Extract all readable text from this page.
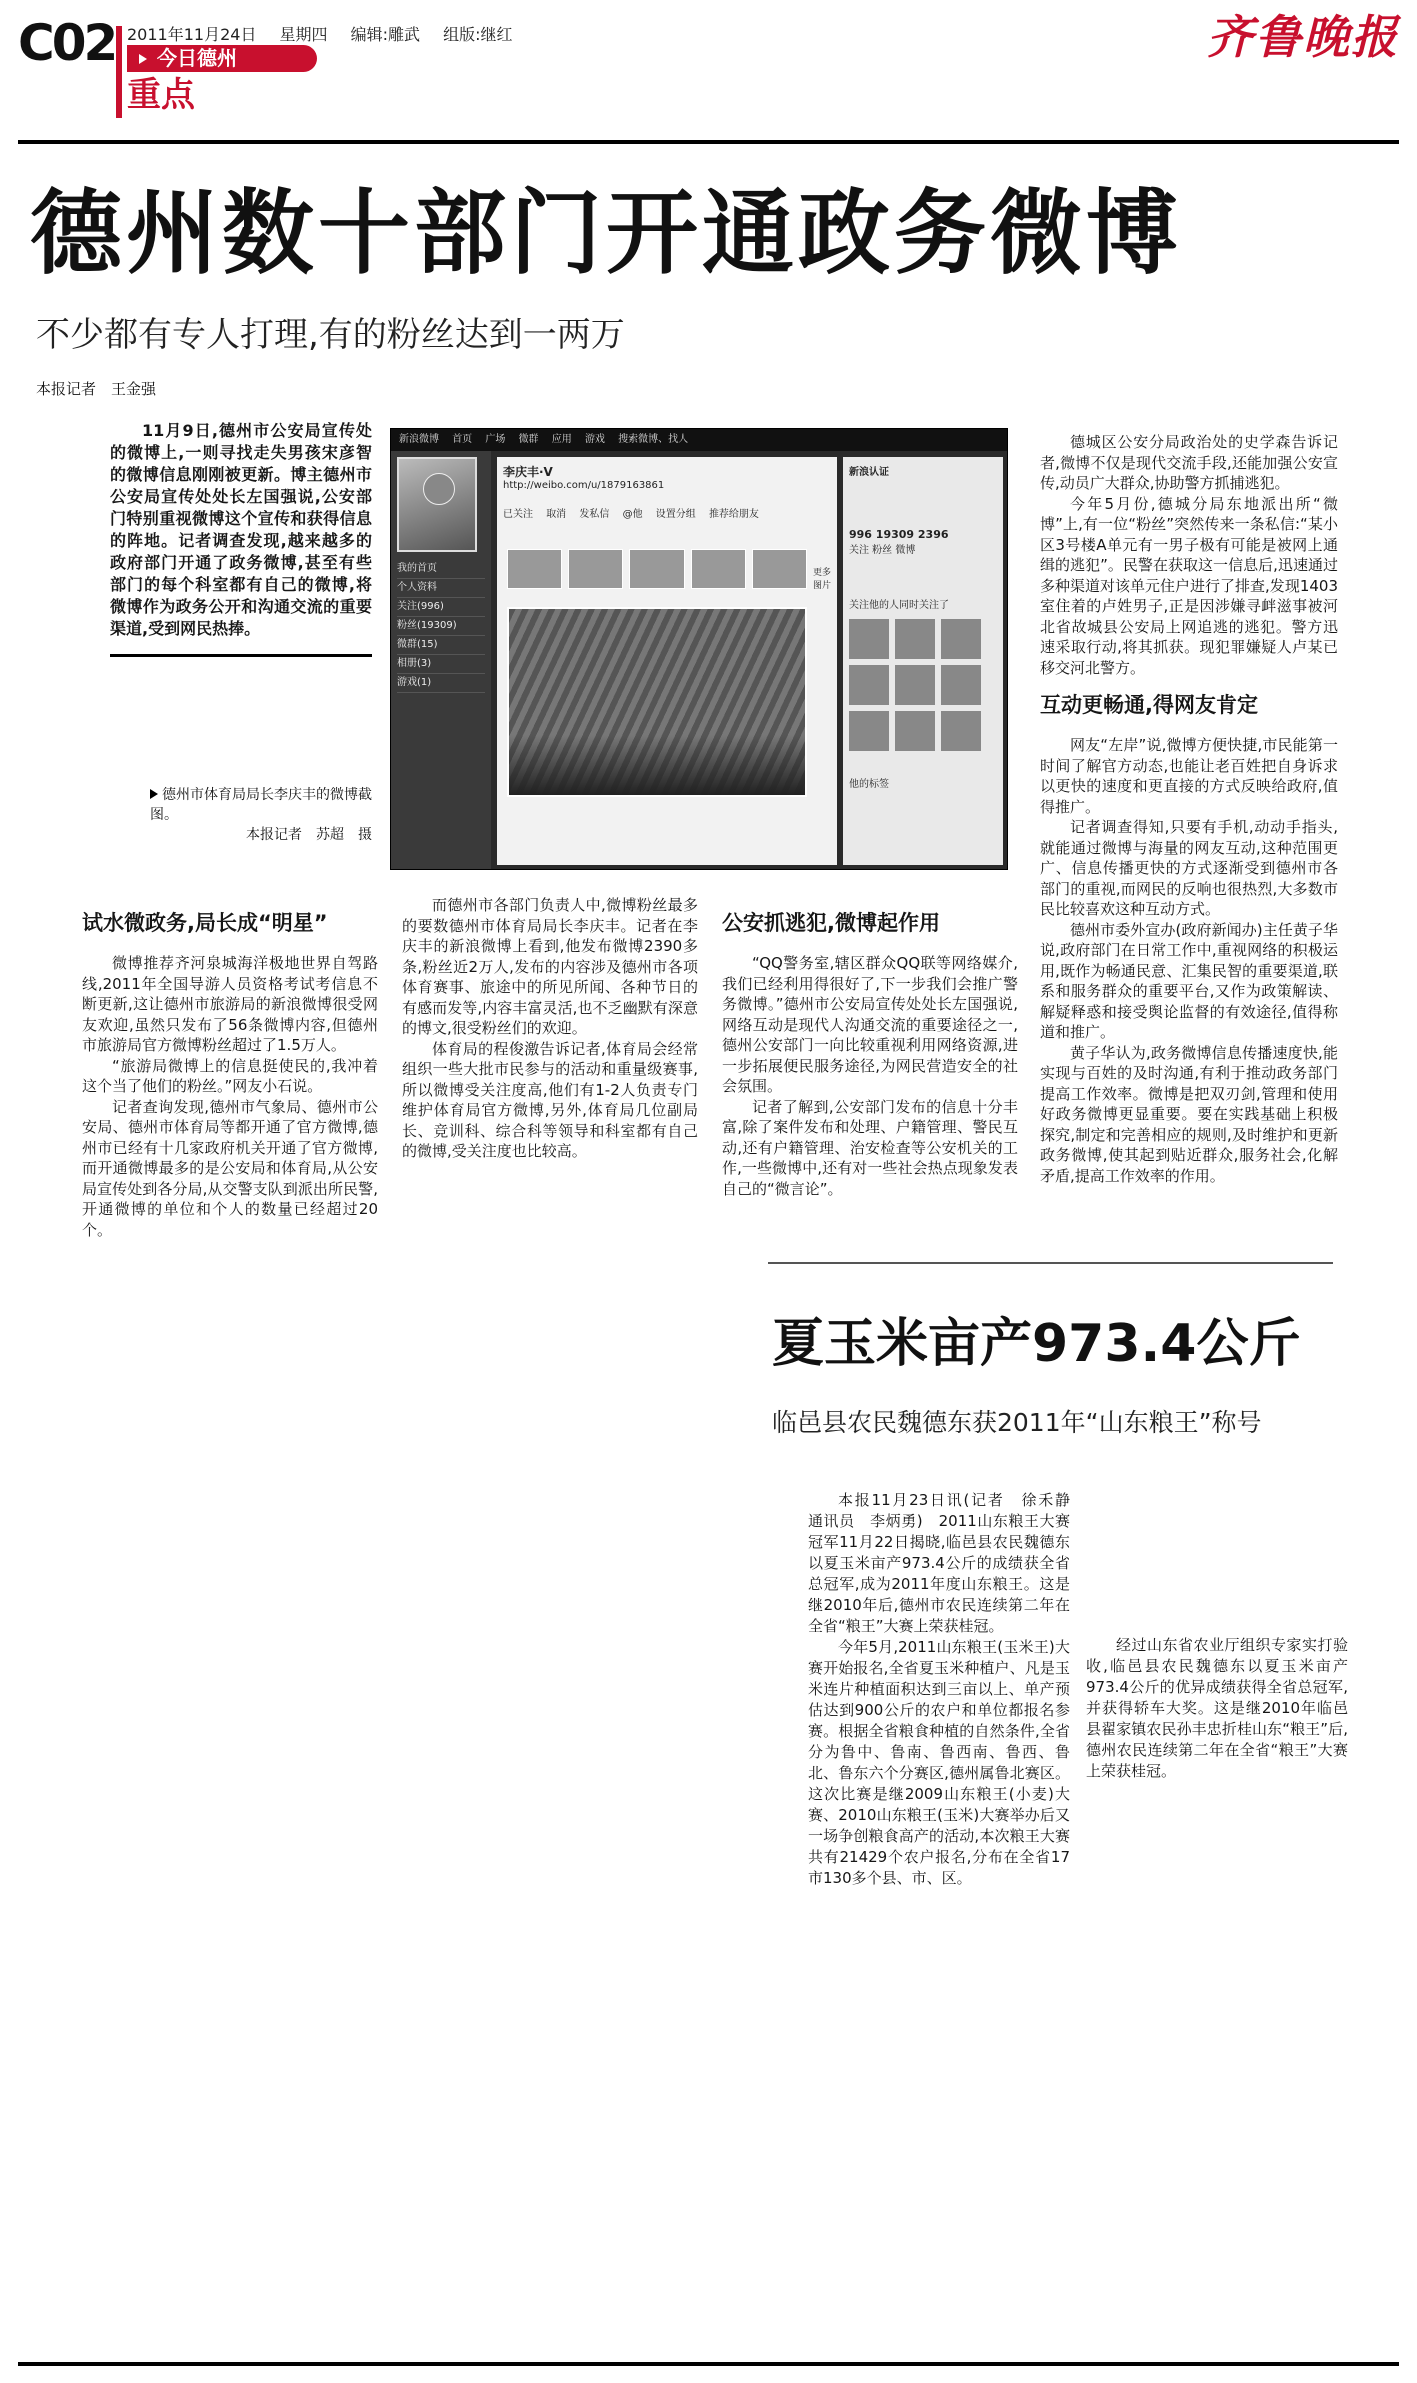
C02 2011年11月24日 星期四 编辑:雕武 组版:继红
今日德州
重点
齐鲁晚报
德州数十部门开通政务微博
不少都有专人打理,有的粉丝达到一两万
本报记者　王金强

11月9日,德州市公安局宣传处的微博上,一则寻找走失男孩宋彦智的微博信息刚刚被更新。博主德州市公安局宣传处处长左国强说,公安部门特别重视微博这个宣传和获得信息的阵地。记者调查发现,越来越多的政府部门开通了政务微博,甚至有些部门的每个科室都有自己的微博,将微博作为政务公开和沟通交流的重要渠道,受到网民热捧。

德州市体育局局长李庆丰的微博截图。
本报记者　苏超　摄
新浪微博 首页 广场 微群 应用 游戏 搜索微博、找人
我的首页
个人资料
关注(996)
粉丝(19309)
微群(15)
相册(3)
游戏(1)
李庆丰·V
http://weibo.com/u/1879163861
已关注　 取消　 发私信　 @他　 设置分组　 推荐给朋友
更多图片
新浪认证
996 19309 2396
关注 粉丝 微博
关注他的人同时关注了
他的标签
试水微政务,局长成“明星”

微博推荐齐河泉城海洋极地世界自驾路线,2011年全国导游人员资格考试考信息不断更新,这让德州市旅游局的新浪微博很受网友欢迎,虽然只发布了56条微博内容,但德州市旅游局官方微博粉丝超过了1.5万人。

“旅游局微博上的信息挺使民的,我冲着这个当了他们的粉丝。”网友小石说。

记者查询发现,德州市气象局、德州市公安局、德州市体育局等都开通了官方微博,德州市已经有十几家政府机关开通了官方微博,而开通微博最多的是公安局和体育局,从公安局宣传处到各分局,从交警支队到派出所民警,开通微博的单位和个人的数量已经超过20个。

而德州市各部门负责人中,微博粉丝最多的要数德州市体育局局长李庆丰。记者在李庆丰的新浪微博上看到,他发布微博2390多条,粉丝近2万人,发布的内容涉及德州市各项体育赛事、旅途中的所见所闻、各种节日的有感而发等,内容丰富灵活,也不乏幽默有深意的博文,很受粉丝们的欢迎。

体育局的程俊激告诉记者,体育局会经常组织一些大批市民参与的活动和重量级赛事,所以微博受关注度高,他们有1-2人负责专门维护体育局官方微博,另外,体育局几位副局长、竞训科、综合科等领导和科室都有自己的微博,受关注度也比较高。

公安抓逃犯,微博起作用

“QQ警务室,辖区群众QQ联等网络媒介,我们已经利用得很好了,下一步我们会推广警务微博。”德州市公安局宣传处处长左国强说,网络互动是现代人沟通交流的重要途径之一,德州公安部门一向比较重视利用网络资源,进一步拓展便民服务途径,为网民营造安全的社会氛围。

记者了解到,公安部门发布的信息十分丰富,除了案件发布和处理、户籍管理、警民互动,还有户籍管理、治安检查等公安机关的工作,一些微博中,还有对一些社会热点现象发表自己的“微言论”。

德城区公安分局政治处的史学森告诉记者,微博不仅是现代交流手段,还能加强公安宣传,动员广大群众,协助警方抓捕逃犯。

今年5月份,德城分局东地派出所“微博”上,有一位“粉丝”突然传来一条私信:“某小区3号楼A单元有一男子极有可能是被网上通缉的逃犯”。民警在获取这一信息后,迅速通过多种渠道对该单元住户进行了排查,发现1403室住着的卢姓男子,正是因涉嫌寻衅滋事被河北省故城县公安局上网追逃的逃犯。警方迅速采取行动,将其抓获。现犯罪嫌疑人卢某已移交河北警方。

互动更畅通,得网友肯定

网友“左岸”说,微博方便快捷,市民能第一时间了解官方动态,也能让老百姓把自身诉求以更快的速度和更直接的方式反映给政府,值得推广。

记者调查得知,只要有手机,动动手指头,就能通过微博与海量的网友互动,这种范围更广、信息传播更快的方式逐渐受到德州市各部门的重视,而网民的反响也很热烈,大多数市民比较喜欢这种互动方式。

德州市委外宣办(政府新闻办)主任黄子华说,政府部门在日常工作中,重视网络的积极运用,既作为畅通民意、汇集民智的重要渠道,联系和服务群众的重要平台,又作为政策解读、解疑释惑和接受舆论监督的有效途径,值得称道和推广。

黄子华认为,政务微博信息传播速度快,能实现与百姓的及时沟通,有利于推动政务部门提高工作效率。微博是把双刃剑,管理和使用好政务微博更显重要。要在实践基础上积极探究,制定和完善相应的规则,及时维护和更新政务微博,使其起到贴近群众,服务社会,化解矛盾,提高工作效率的作用。

夏玉米亩产973.4公斤
临邑县农民魏德东获2011年“山东粮王”称号

本报11月23日讯(记者　徐禾静　通讯员　李炳勇)　2011山东粮王大赛冠军11月22日揭晓,临邑县农民魏德东以夏玉米亩产973.4公斤的成绩获全省总冠军,成为2011年度山东粮王。这是继2010年后,德州市农民连续第二年在全省“粮王”大赛上荣获桂冠。

今年5月,2011山东粮王(玉米王)大赛开始报名,全省夏玉米种植户、凡是玉米连片种植面积达到三亩以上、单产预估达到900公斤的农户和单位都报名参赛。根据全省粮食种植的自然条件,全省分为鲁中、鲁南、鲁西南、鲁西、鲁北、鲁东六个分赛区,德州属鲁北赛区。这次比赛是继2009山东粮王(小麦)大赛、2010山东粮王(玉米)大赛举办后又一场争创粮食高产的活动,本次粮王大赛共有21429个农户报名,分布在全省17市130多个县、市、区。

经过山东省农业厅组织专家实打验收,临邑县农民魏德东以夏玉米亩产973.4公斤的优异成绩获得全省总冠军,并获得轿车大奖。这是继2010年临邑县翟家镇农民孙丰忠折桂山东“粮王”后,德州农民连续第二年在全省“粮王”大赛上荣获桂冠。
